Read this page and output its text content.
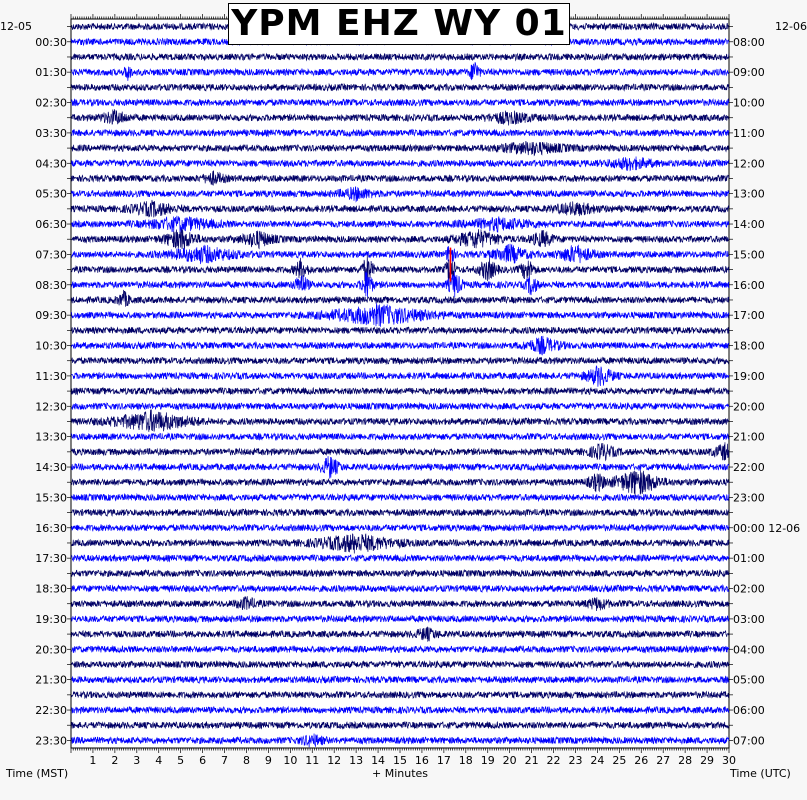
1 2 3 4 5 6 7 8 9 10 11 12 13 14 15 16 17 18 19 20 21 22 23 24 25 26 27 28 29 30
00:30
01:30
02:30
03:30
04:30
05:30
06:30
07:30
08:30
09:30
10:30
11:30
12:30
13:30
14:30
15:30
16:30
17:30
18:30
19:30
20:30
21:30
22:30
23:30
08:00
09:00
10:00
11:00
12:00
13:00
14:00
15:00
16:00
17:00
18:00
19:00
20:00
21:00
22:00
23:00
00:00 12-06
01:00
02:00
03:00
04:00
05:00
06:00
07:00
YPM EHZ WY 01
12-05	12-06
Time (MST)	+ Minutes	Time (UTC)
